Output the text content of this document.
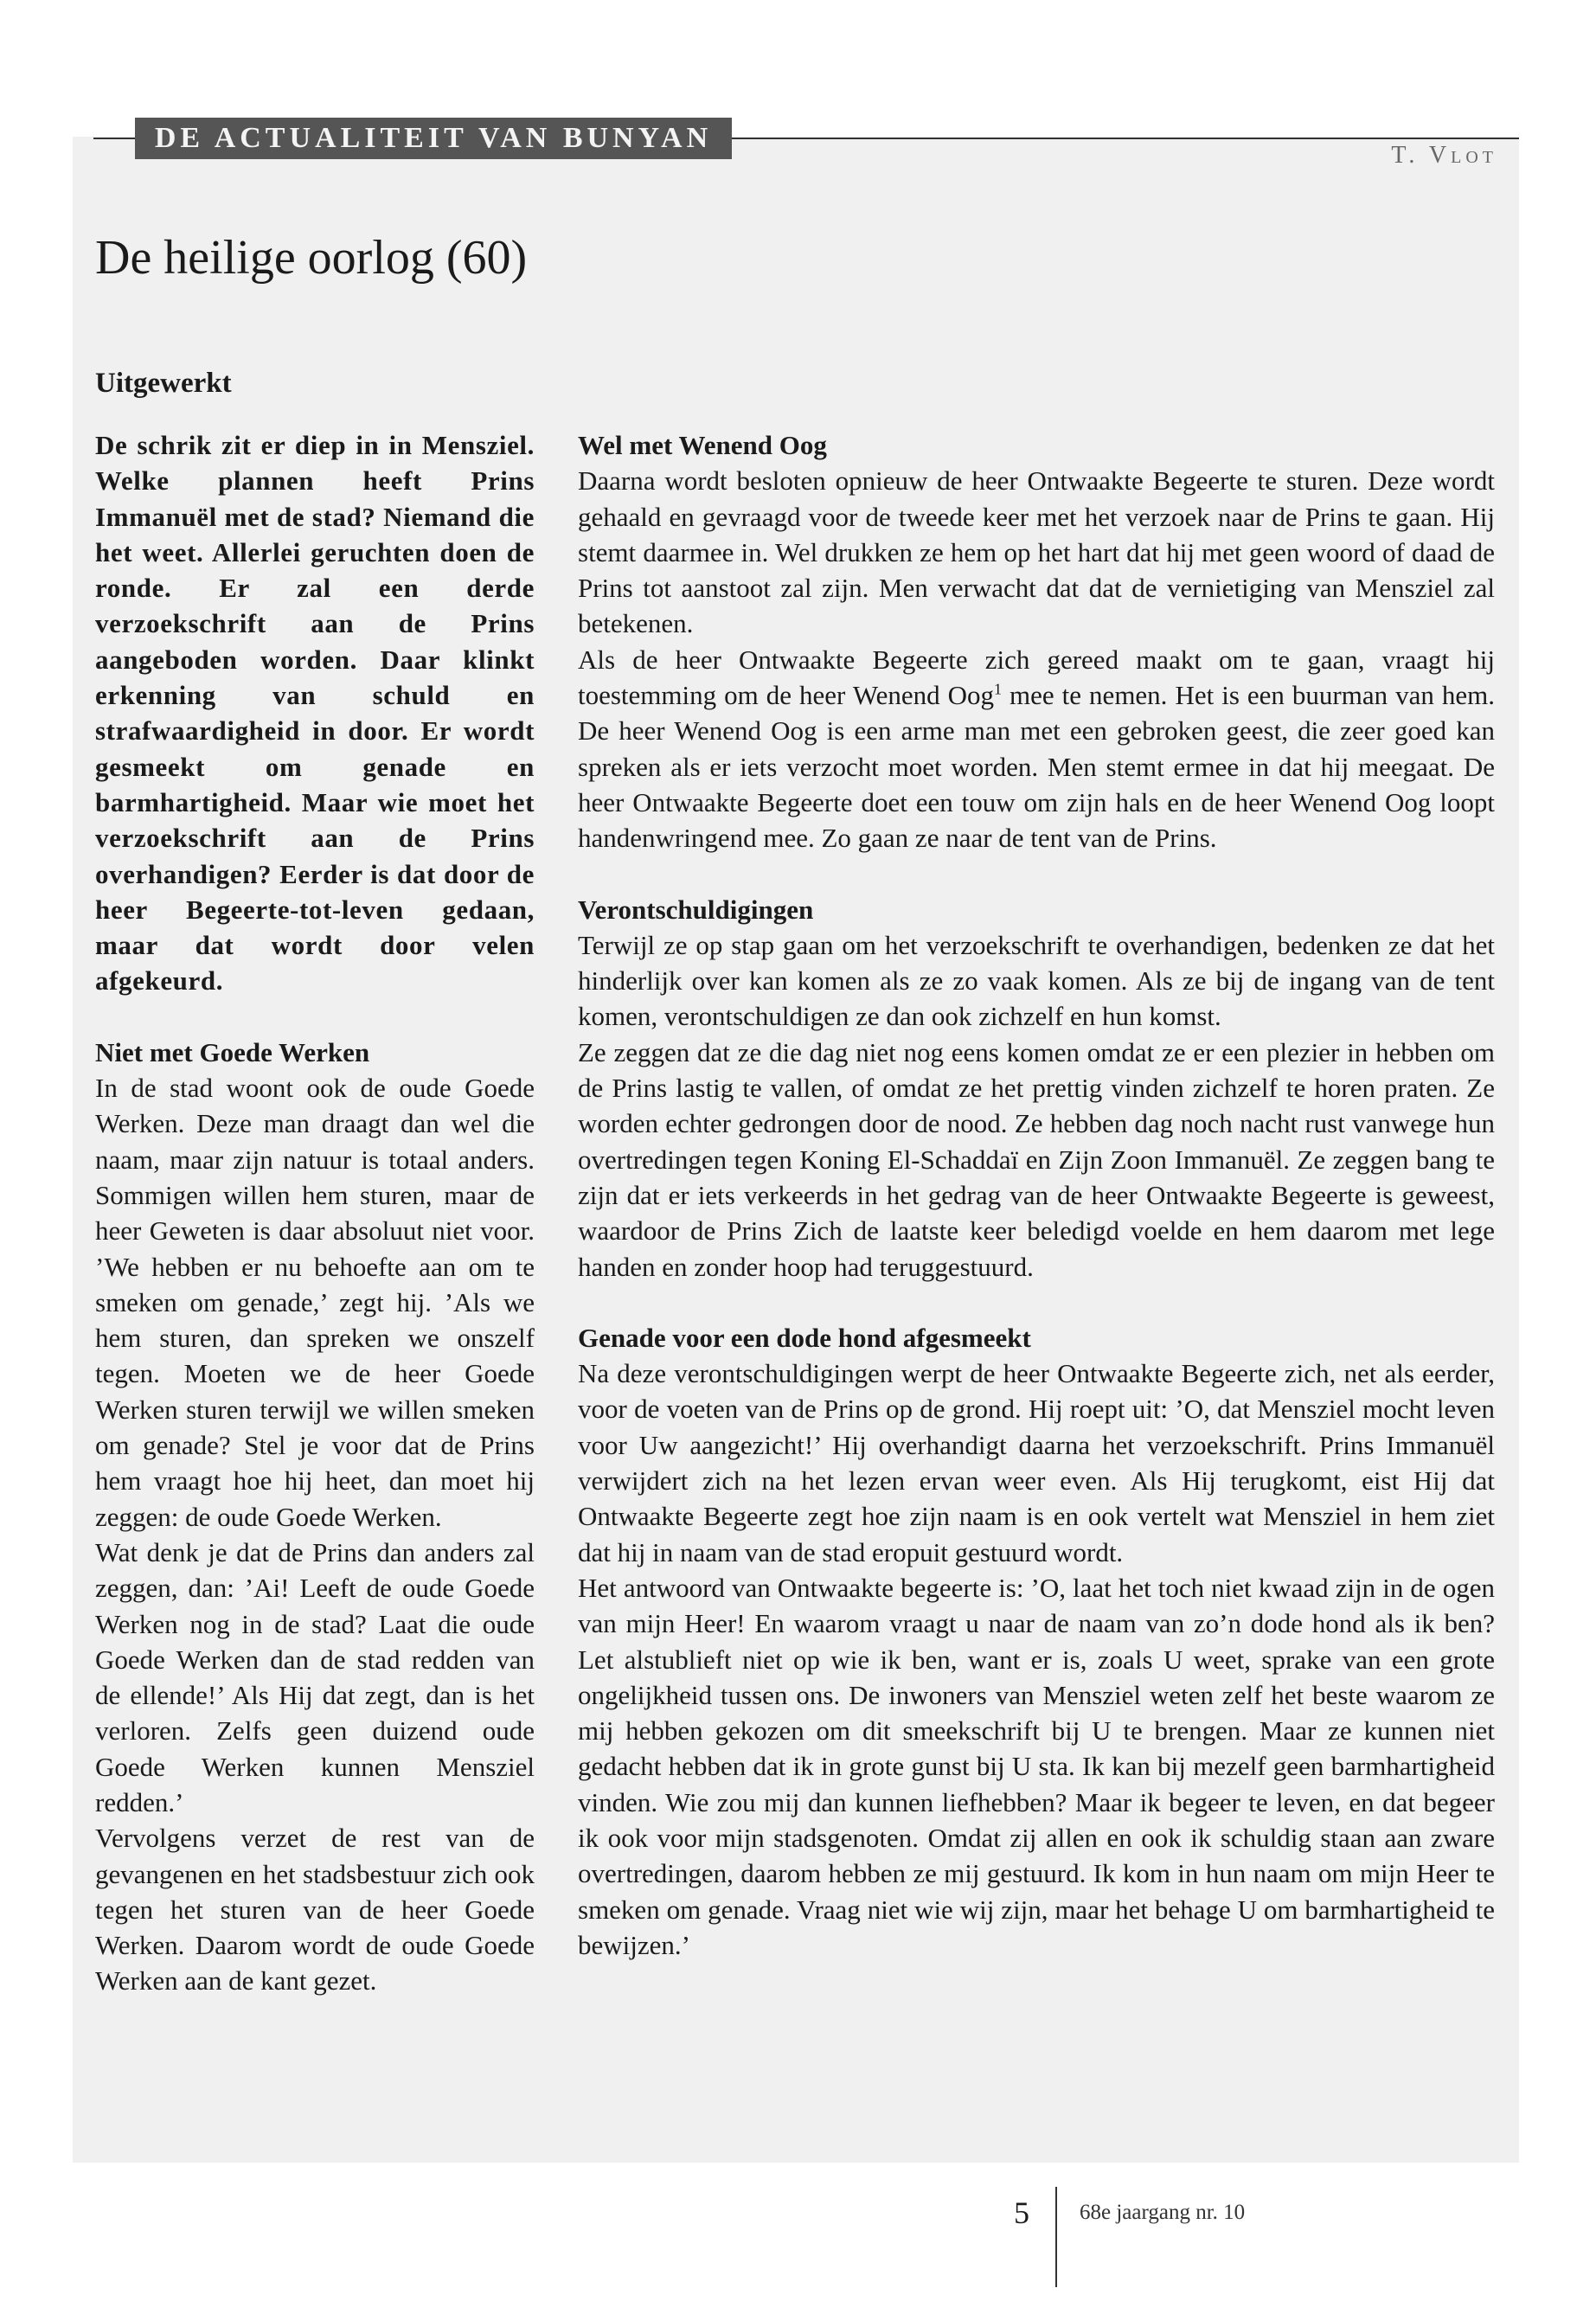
DE ACTUALITEIT VAN BUNYAN
T. Vlot
De heilige oorlog (60)
Uitgewerkt

De schrik zit er diep in in Mensziel. Welke plannen heeft Prins Immanuël met de stad? Niemand die het weet. Allerlei geruchten doen de ronde. Er zal een derde verzoekschrift aan de Prins aangeboden worden. Daar klinkt erkenning van schuld en strafwaardigheid in door. Er wordt gesmeekt om genade en barmhartigheid. Maar wie moet het verzoekschrift aan de Prins overhandigen? Eerder is dat door de heer Begeerte-tot-leven gedaan, maar dat wordt door velen afgekeurd.

Niet met Goede Werken

In de stad woont ook de oude Goede Werken. Deze man draagt dan wel die naam, maar zijn natuur is totaal anders. Sommigen willen hem sturen, maar de heer Geweten is daar absoluut niet voor. ’We hebben er nu behoefte aan om te smeken om genade,’ zegt hij. ’Als we hem sturen, dan spreken we onszelf tegen. Moeten we de heer Goede Werken sturen terwijl we willen smeken om genade? Stel je voor dat de Prins hem vraagt hoe hij heet, dan moet hij zeggen: de oude Goede Werken.

Wat denk je dat de Prins dan anders zal zeggen, dan: ’Ai! Leeft de oude Goede Werken nog in de stad? Laat die oude Goede Werken dan de stad redden van de ellende!’ Als Hij dat zegt, dan is het verloren. Zelfs geen duizend oude Goede Werken kunnen Mensziel redden.’

Vervolgens verzet de rest van de gevangenen en het stadsbestuur zich ook tegen het sturen van de heer Goede Werken. Daarom wordt de oude Goede Werken aan de kant gezet.

Wel met Wenend Oog

Daarna wordt besloten opnieuw de heer Ontwaakte Begeerte te sturen. Deze wordt gehaald en gevraagd voor de tweede keer met het verzoek naar de Prins te gaan. Hij stemt daarmee in. Wel drukken ze hem op het hart dat hij met geen woord of daad de Prins tot aanstoot zal zijn. Men verwacht dat dat de vernietiging van Mensziel zal betekenen.

Als de heer Ontwaakte Begeerte zich gereed maakt om te gaan, vraagt hij toestemming om de heer Wenend Oog$^1$ mee te nemen. Het is een buurman van hem. De heer Wenend Oog is een arme man met een gebroken geest, die zeer goed kan spreken als er iets verzocht moet worden. Men stemt ermee in dat hij meegaat. De heer Ontwaakte Begeerte doet een touw om zijn hals en de heer Wenend Oog loopt handenwringend mee. Zo gaan ze naar de tent van de Prins.

Verontschuldigingen

Terwijl ze op stap gaan om het verzoekschrift te overhandigen, bedenken ze dat het hinderlijk over kan komen als ze zo vaak komen. Als ze bij de ingang van de tent komen, verontschuldigen ze dan ook zichzelf en hun komst.

Ze zeggen dat ze die dag niet nog eens komen omdat ze er een plezier in hebben om de Prins lastig te vallen, of omdat ze het prettig vinden zichzelf te horen praten. Ze worden echter gedrongen door de nood. Ze hebben dag noch nacht rust vanwege hun overtredingen tegen Koning El-Schaddaï en Zijn Zoon Immanuël. Ze zeggen bang te zijn dat er iets verkeerds in het gedrag van de heer Ontwaakte Begeerte is geweest, waardoor de Prins Zich de laatste keer beledigd voelde en hem daarom met lege handen en zonder hoop had teruggestuurd.

Genade voor een dode hond afgesmeekt

Na deze verontschuldigingen werpt de heer Ontwaakte Begeerte zich, net als eerder, voor de voeten van de Prins op de grond. Hij roept uit: ’O, dat Mensziel mocht leven voor Uw aangezicht!’ Hij overhandigt daarna het verzoekschrift. Prins Immanuël verwijdert zich na het lezen ervan weer even. Als Hij terugkomt, eist Hij dat Ontwaakte Begeerte zegt hoe zijn naam is en ook vertelt wat Mensziel in hem ziet dat hij in naam van de stad eropuit gestuurd wordt.

Het antwoord van Ontwaakte begeerte is: ’O, laat het toch niet kwaad zijn in de ogen van mijn Heer! En waarom vraagt u naar de naam van zo’n dode hond als ik ben? Let alstublieft niet op wie ik ben, want er is, zoals U weet, sprake van een grote ongelijkheid tussen ons. De inwoners van Mensziel weten zelf het beste waarom ze mij hebben gekozen om dit smeekschrift bij U te brengen. Maar ze kunnen niet gedacht hebben dat ik in grote gunst bij U sta. Ik kan bij mezelf geen barmhartigheid vinden. Wie zou mij dan kunnen liefhebben? Maar ik begeer te leven, en dat begeer ik ook voor mijn stadsgenoten. Omdat zij allen en ook ik schuldig staan aan zware overtredingen, daarom hebben ze mij gestuurd. Ik kom in hun naam om mijn Heer te smeken om genade. Vraag niet wie wij zijn, maar het behage U om barmhartigheid te bewijzen.’

5 68e jaargang nr. 10
